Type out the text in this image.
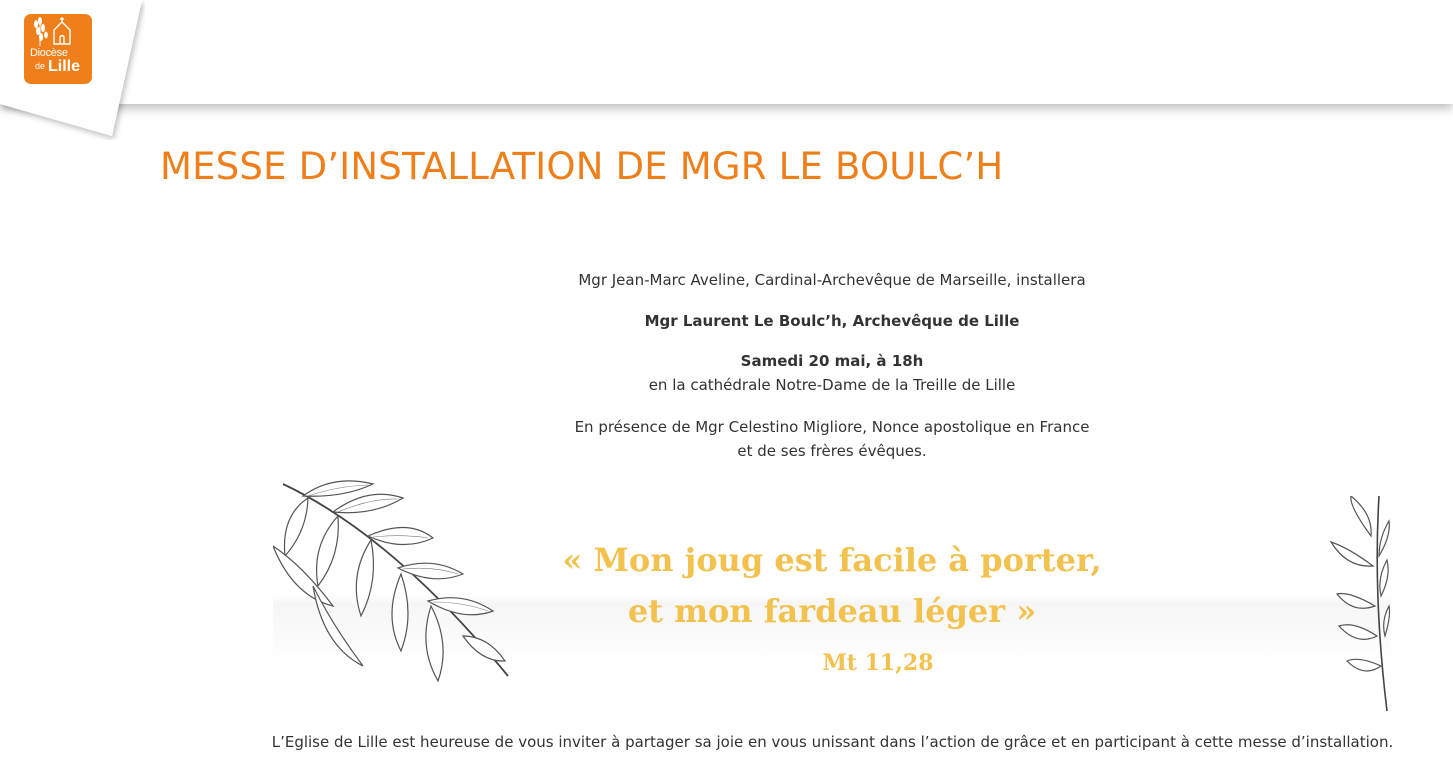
Diocèse
de Lille
MESSE D’INSTALLATION DE MGR LE BOULC’H

Mgr Jean-Marc Aveline, Cardinal-Archevêque de Marseille, installera

Mgr Laurent Le Boulc’h, Archevêque de Lille

Samedi 20 mai, à 18h
en la cathédrale Notre-Dame de la Treille de Lille
En présence de Mgr Celestino Migliore, Nonce apostolique en France
et de ses frères évêques.

« Mon joug est facile à porter,

et mon fardeau léger »

Mt 11,28

L’Eglise de Lille est heureuse de vous inviter à partager sa joie en vous unissant dans l’action de grâce et en participant à cette messe d’installation.
